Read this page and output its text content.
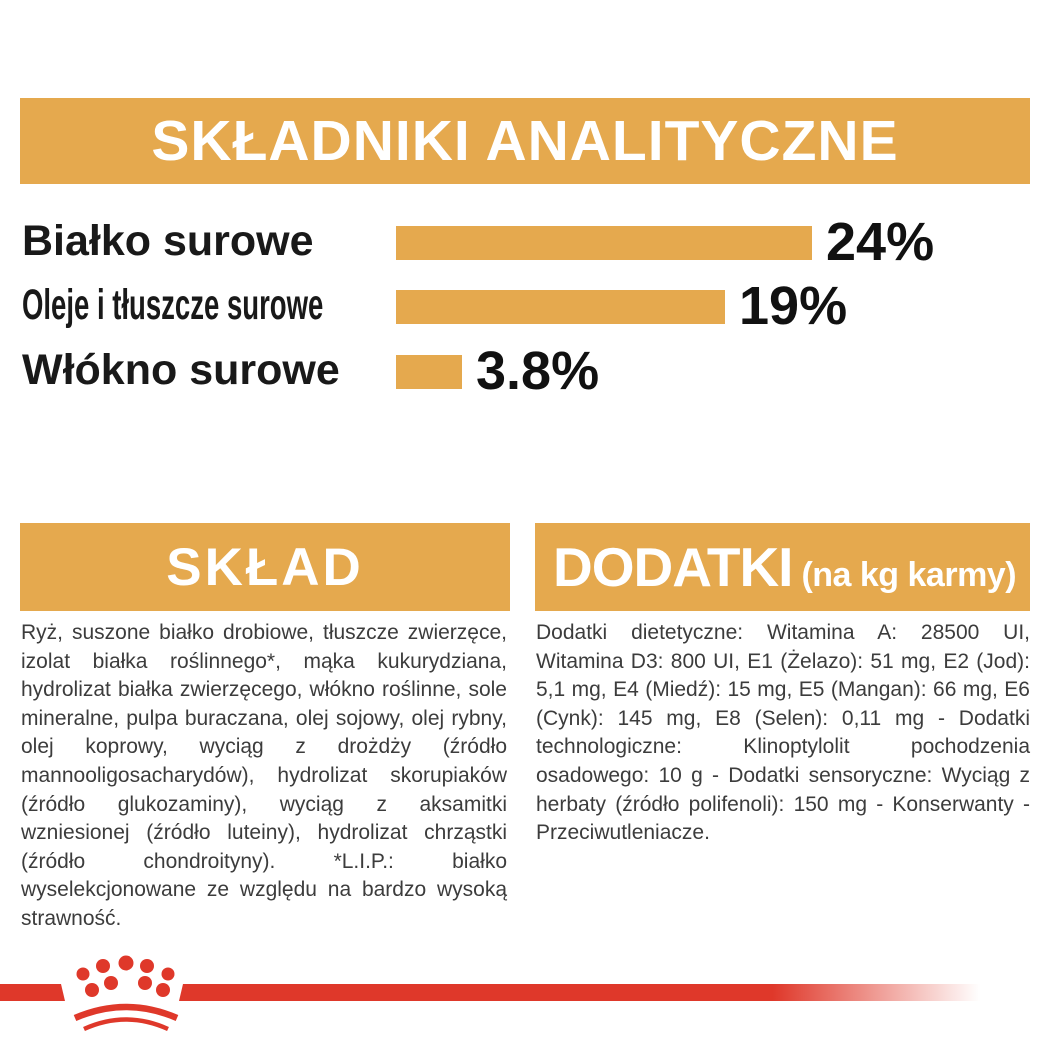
SKŁADNIKI ANALITYCZNE
Białko surowe	24%
Oleje i tłuszcze surowe	19%
Włókno surowe	3.8%
SKŁAD
Ryż, suszone białko drobiowe, tłuszcze zwierzęce, izolat białka roślinnego*, mąka kukurydziana, hydrolizat białka zwierzęcego, włókno roślinne, sole mineralne, pulpa buraczana, olej sojowy, olej rybny, olej koprowy, wyciąg z drożdży (źródło mannooligosacharydów), hydrolizat skorupiaków (źródło glukozaminy), wyciąg z aksamitki wzniesionej (źródło luteiny), hydrolizat chrząstki (źródło chondroityny). *L.I.P.: białko wyselekcjonowane ze względu na bardzo wysoką strawność.
DODATKI (na kg karmy)
Dodatki dietetyczne: Witamina A: 28500 UI, Witamina D3: 800 UI, E1 (Żelazo): 51 mg, E2 (Jod): 5,1 mg, E4 (Miedź): 15 mg, E5 (Mangan): 66 mg, E6 (Cynk): 145 mg, E8 (Selen): 0,11 mg - Dodatki technologiczne: Klinoptylolit pochodzenia osadowego: 10 g - Dodatki sensoryczne: Wyciąg z herbaty (źródło polifenoli): 150 mg - Konserwanty - Przeciwutleniacze.
